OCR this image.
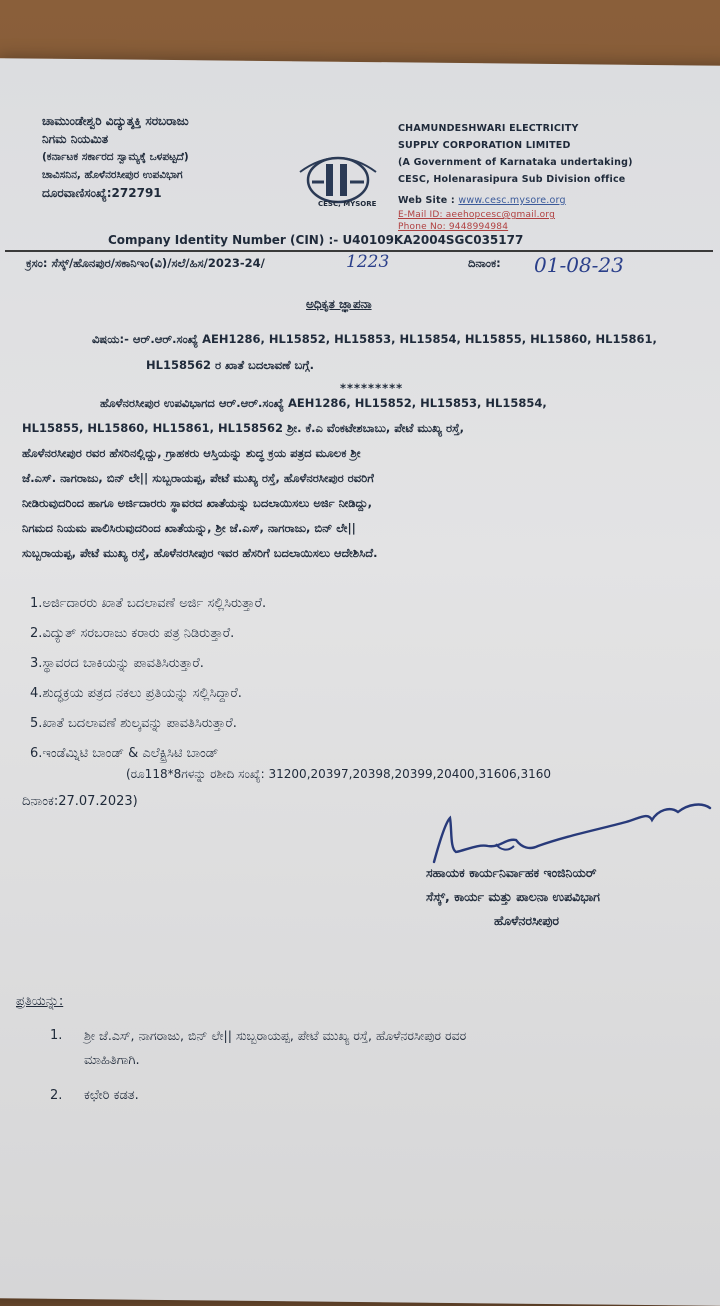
ಚಾಮುಂಡೇಶ್ವರಿ ವಿದ್ಯುತ್ಶಕ್ತಿ ಸರಬರಾಜು
ನಿಗಮ ನಿಯಮಿತ
(ಕರ್ನಾಟಕ ಸರ್ಕಾರದ ಸ್ವಾಮ್ಯಕ್ಕೆ ಒಳಪಟ್ಟದೆ)
ಚಾವಿಸನಿನ, ಹೊಳೆನರಸೀಪುರ ಉಪವಿಭಾಗ
ದೂರವಾಣಿಸಂಖ್ಯೆ:272791
CESC, MYSORE
CHAMUNDESHWARI ELECTRICITY
SUPPLY CORPORATION LIMITED
(A Government of Karnataka undertaking)
CESC, Holenarasipura Sub Division office
Web Site : www.cesc.mysore.org
E-Mail ID: aeehopcesc@gmail.org
Phone No: 9448994984
Company Identity Number (CIN) :- U40109KA2004SGC035177
ಕ್ರಸಂ: ಸೆಸ್ಕ್/ಹೊನಪುರ/ಸಕಾನಿಇಂ(ವಿ)/ಸಲೆ/ಹಿಸ/2023-24/	1223	ದಿನಾಂಕ: 01-08-23
ಅಧಿಕೃತ ಜ್ಞಾಪನಾ
ವಿಷಯ:- ಆರ್.ಆರ್.ಸಂಖ್ಯೆ AEH1286, HL15852, HL15853, HL15854, HL15855, HL15860, HL15861,
HL158562 ರ ಖಾತೆ ಬದಲಾವಣೆ ಬಗ್ಗೆ.
*********
ಹೊಳೆನರಸೀಪುರ ಉಪವಿಭಾಗದ ಆರ್.ಆರ್.ಸಂಖ್ಯೆ AEH1286, HL15852, HL15853, HL15854,
HL15855, HL15860, HL15861, HL158562 ಶ್ರೀ. ಕೆ.ಎ ವೆಂಕಟೇಶಬಾಬು, ಪೇಟೆ ಮುಖ್ಯ ರಸ್ತೆ,
ಹೊಳೆನರಸೀಪುರ ರವರ ಹೆಸರಿನಲ್ಲಿದ್ದು, ಗ್ರಾಹಕರು ಆಸ್ತಿಯನ್ನು ಶುದ್ಧ ಕ್ರಯ ಪತ್ರದ ಮೂಲಕ ಶ್ರೀ
ಜೆ.ಎಸ್. ನಾಗರಾಜು, ಬಿನ್ ಲೇ|| ಸುಬ್ಬರಾಯಪ್ಪ, ಪೇಟೆ ಮುಖ್ಯ ರಸ್ತೆ, ಹೊಳೆನರಸೀಪುರ ರವರಿಗೆ
ನೀಡಿರುವುದರಿಂದ ಹಾಗೂ ಅರ್ಜಿದಾರರು ಸ್ಥಾವರದ ಖಾತೆಯನ್ನು ಬದಲಾಯಿಸಲು ಅರ್ಜಿ ನೀಡಿದ್ದು,
ನಿಗಮದ ನಿಯಮ ಪಾಲಿಸಿರುವುದರಿಂದ ಖಾತೆಯನ್ನು, ಶ್ರೀ ಜೆ.ಎಸ್, ನಾಗರಾಜು, ಬಿನ್ ಲೇ||
ಸುಬ್ಬರಾಯಪ್ಪ, ಪೇಟೆ ಮುಖ್ಯ ರಸ್ತೆ, ಹೊಳೆನರಸೀಪುರ ಇವರ ಹೆಸರಿಗೆ ಬದಲಾಯಿಸಲು ಆದೇಶಿಸಿದೆ.
1.ಅರ್ಜಿದಾರರು ಖಾತೆ ಬದಲಾವಣೆ ಅರ್ಜಿ ಸಲ್ಲಿಸಿರುತ್ತಾರೆ.
2.ವಿದ್ಯುತ್ ಸರಬರಾಜು ಕರಾರು ಪತ್ರ ನಿಡಿರುತ್ತಾರೆ.
3.ಸ್ಥಾವರದ ಬಾಕಿಯನ್ನು ಪಾವತಿಸಿರುತ್ತಾರೆ.
4.ಶುದ್ಧಕ್ರಯ ಪತ್ರದ ನಕಲು ಪ್ರತಿಯನ್ನು ಸಲ್ಲಿಸಿದ್ದಾರೆ.
5.ಖಾತೆ ಬದಲಾವಣೆ ಶುಲ್ಕವನ್ನು ಪಾವತಿಸಿರುತ್ತಾರೆ.
6.ಇಂಡೆಮ್ನಿಟಿ ಬಾಂಡ್ & ಎಲೆಕ್ಟ್ರಿಸಿಟಿ ಬಾಂಡ್
(ರೂ118*8ಗಳನ್ನು ರಶೀದಿ ಸಂಖ್ಯೆ: 31200,20397,20398,20399,20400,31606,3160
ದಿನಾಂಕ:27.07.2023)
ಸಹಾಯಕ ಕಾರ್ಯನಿರ್ವಾಹಕ ಇಂಜಿನಿಯರ್
ಸೆಸ್ಕ್, ಕಾರ್ಯ ಮತ್ತು ಪಾಲನಾ ಉಪವಿಭಾಗ
ಹೊಳೆನರಸೀಪುರ
ಪ್ರತಿಯನ್ನು:
1. ಶ್ರೀ ಜೆ.ಎಸ್, ನಾಗರಾಜು, ಬಿನ್ ಲೇ|| ಸುಬ್ಬರಾಯಪ್ಪ, ಪೇಟೆ ಮುಖ್ಯ ರಸ್ತೆ, ಹೊಳೆನರಸೀಪುರ ರವರ
ಮಾಹಿತಿಗಾಗಿ.
2. ಕಛೇರಿ ಕಡತ.
